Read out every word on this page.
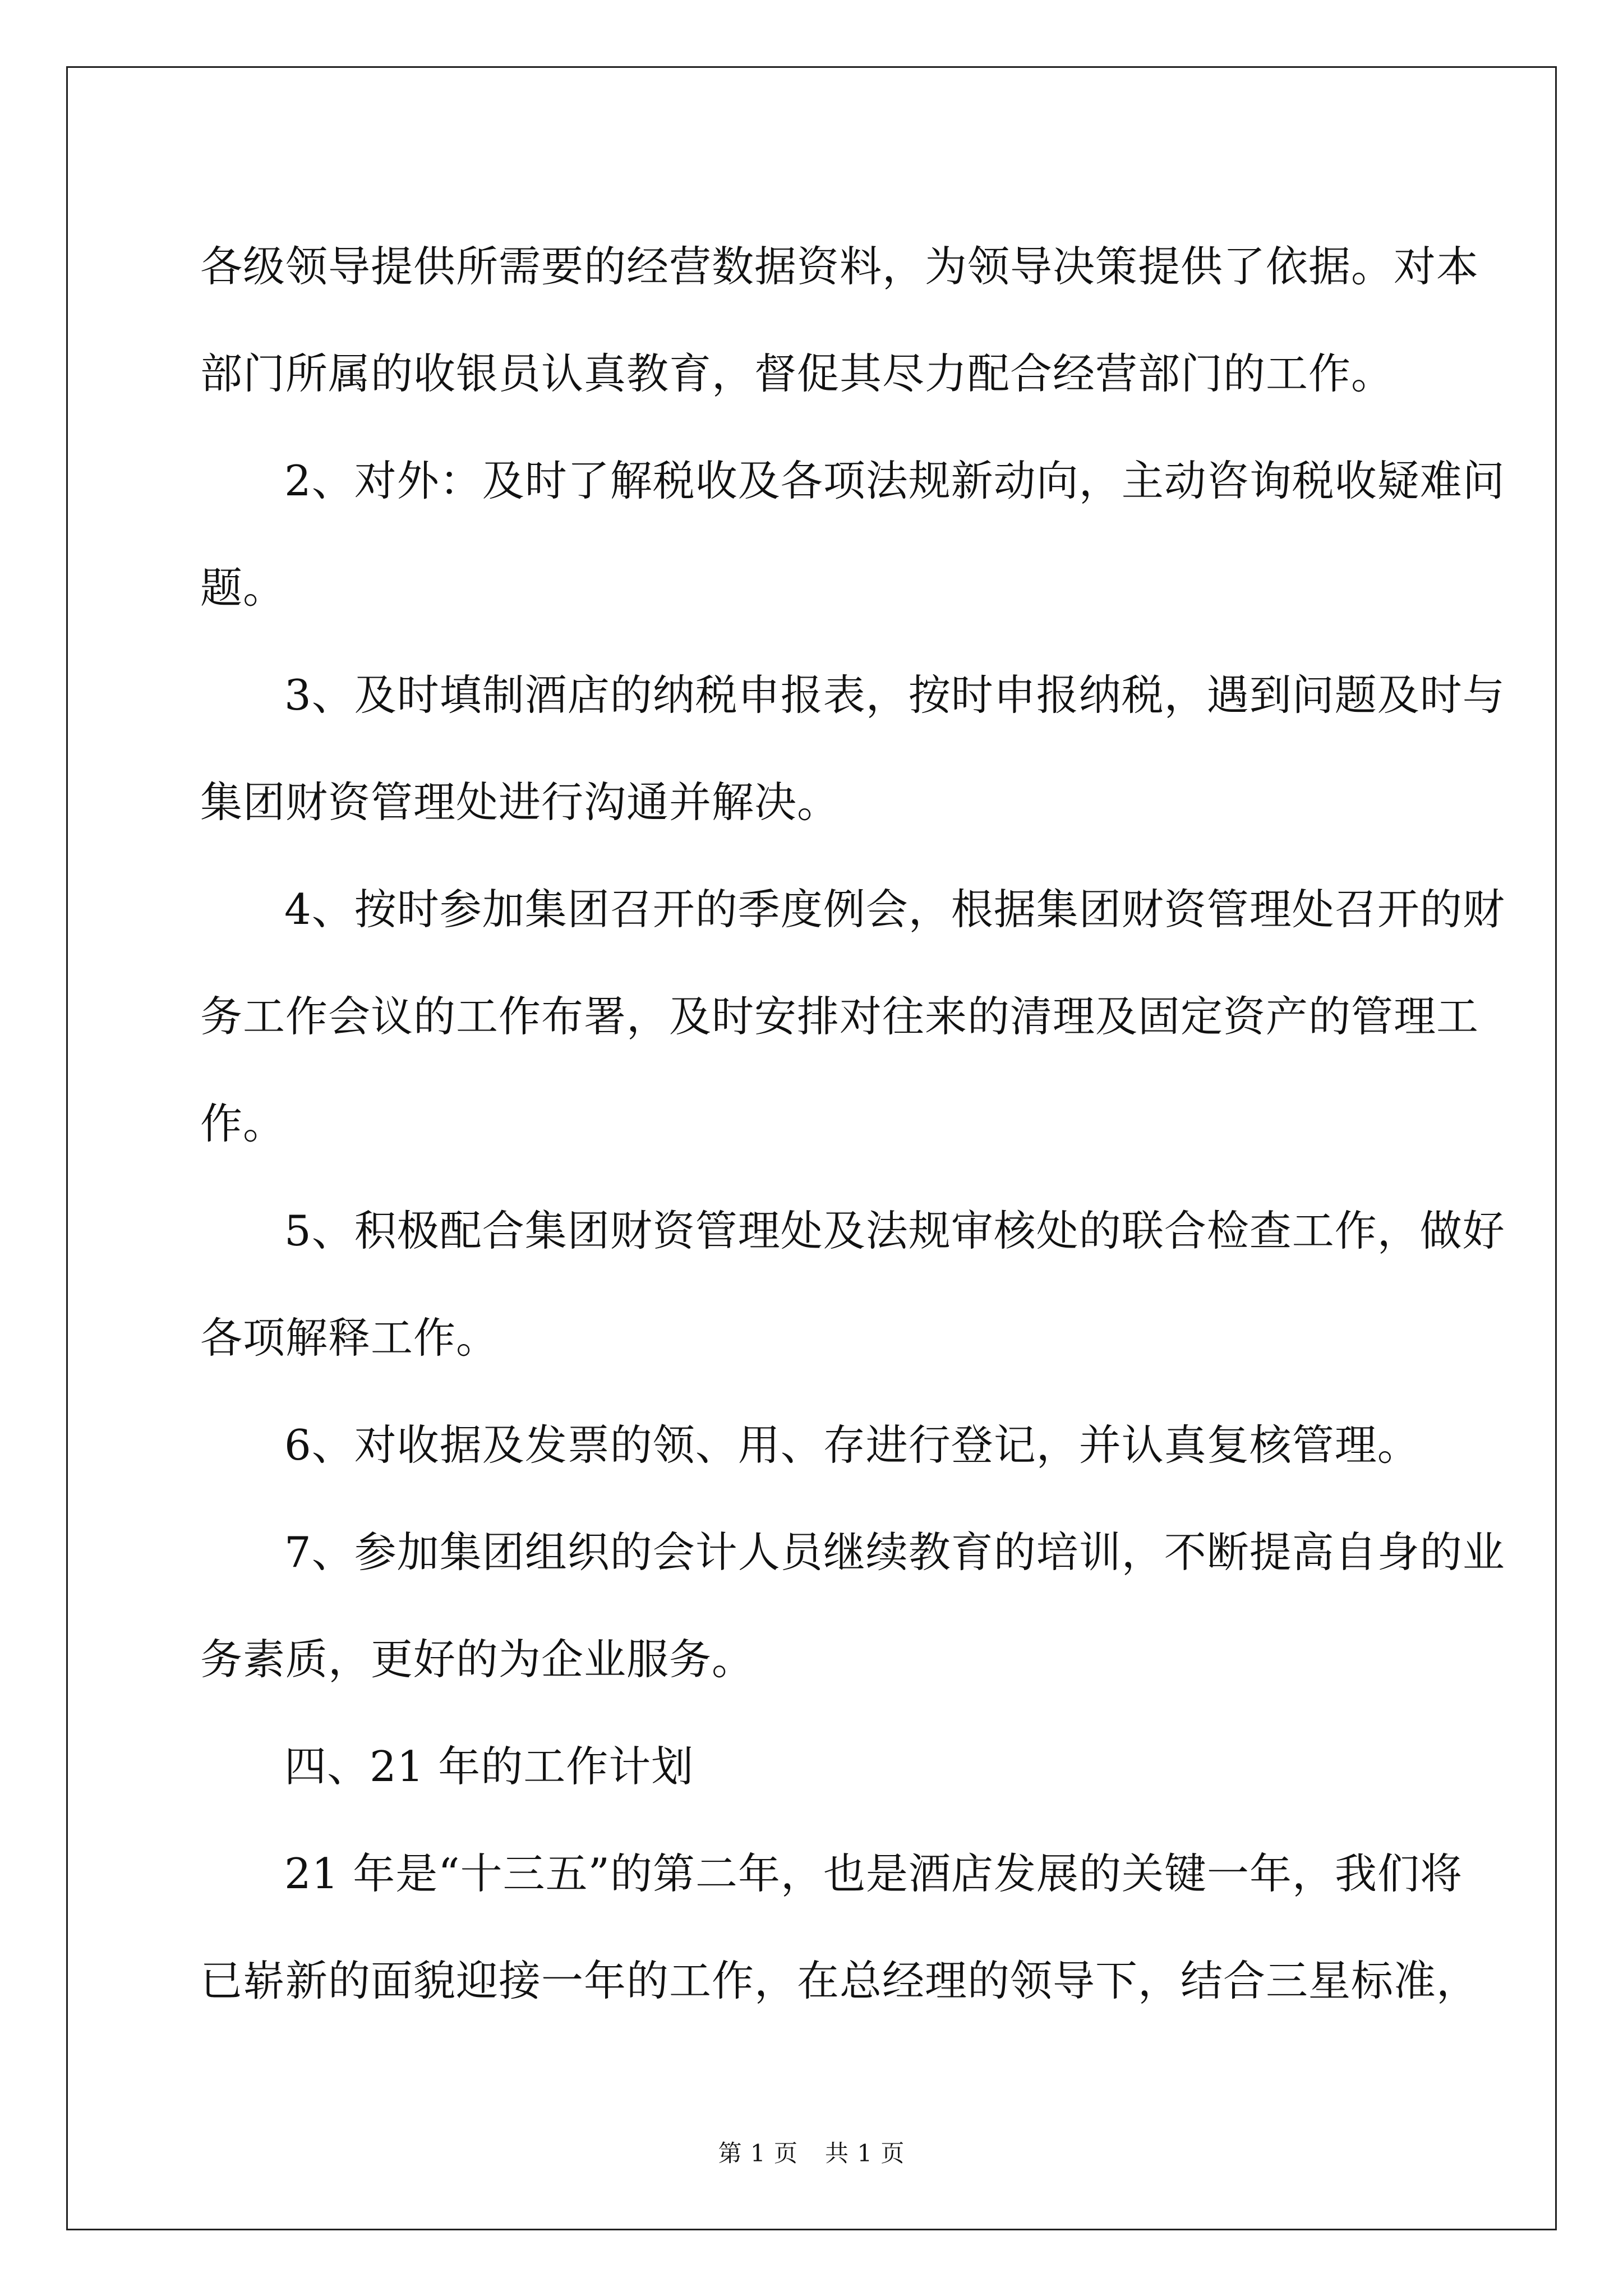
各级领导提供所需要的经营数据资料，为领导决策提供了依据。对本
部门所属的收银员认真教育，督促其尽力配合经营部门的工作。

2、对外：及时了解税收及各项法规新动向，主动咨询税收疑难问
题。

3、及时填制酒店的纳税申报表，按时申报纳税，遇到问题及时与
集团财资管理处进行沟通并解决。

4、按时参加集团召开的季度例会，根据集团财资管理处召开的财
务工作会议的工作布署，及时安排对往来的清理及固定资产的管理工
作。

5、积极配合集团财资管理处及法规审核处的联合检查工作，做好
各项解释工作。

6、对收据及发票的领、用、存进行登记，并认真复核管理。

7、参加集团组织的会计人员继续教育的培训，不断提高自身的业
务素质，更好的为企业服务。

四、21 年的工作计划

21 年是“十三五”的第二年，也是酒店发展的关键一年，我们将
已崭新的面貌迎接一年的工作，在总经理的领导下，结合三星标准，

第 1 页 共 1 页
